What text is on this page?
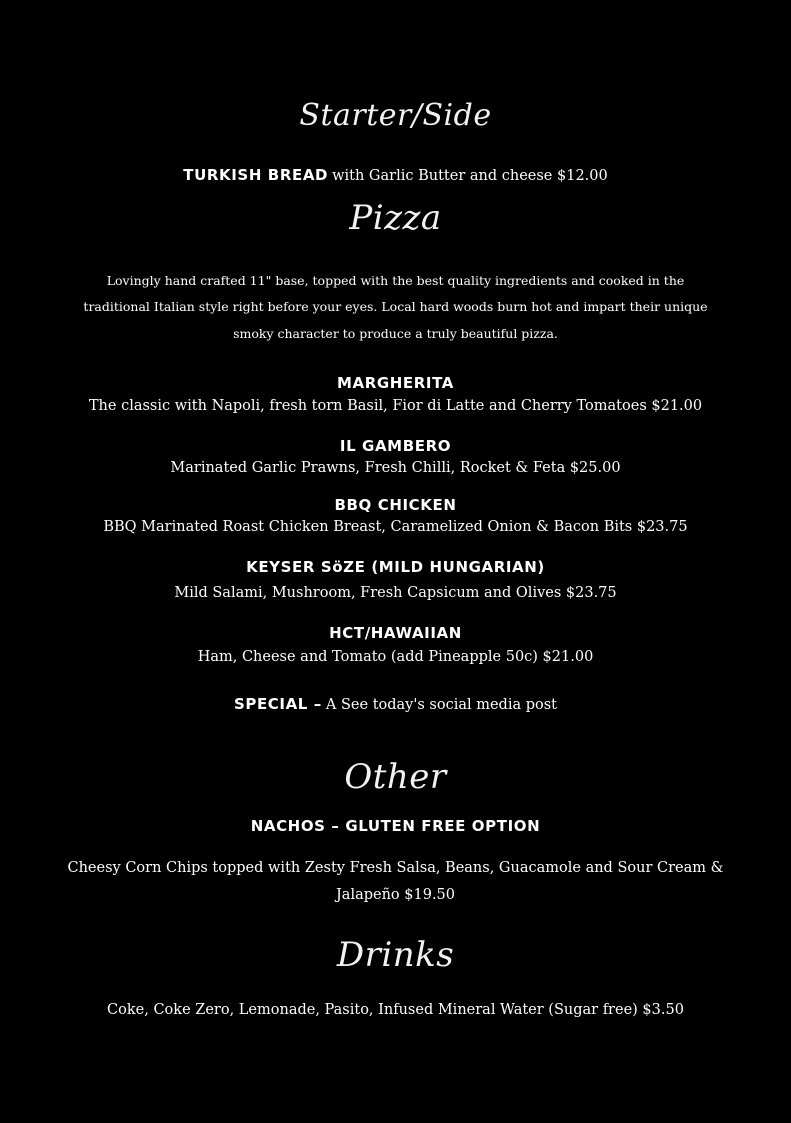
Starter/Side
TURKISH BREAD with Garlic Butter and cheese $12.00
Pizza
Lovingly hand crafted 11" base, topped with the best quality ingredients and cooked in the
traditional Italian style right before your eyes. Local hard woods burn hot and impart their unique
smoky character to produce a truly beautiful pizza.
MARGHERITA
The classic with Napoli, fresh torn Basil, Fior di Latte and Cherry Tomatoes $21.00
IL GAMBERO
Marinated Garlic Prawns, Fresh Chilli, Rocket & Feta $25.00
BBQ CHICKEN
BBQ Marinated Roast Chicken Breast, Caramelized Onion & Bacon Bits $23.75
KEYSER SöZE (MILD HUNGARIAN)
Mild Salami, Mushroom, Fresh Capsicum and Olives $23.75
HCT/HAWAIIAN
Ham, Cheese and Tomato (add Pineapple 50c) $21.00
SPECIAL – A See today's social media post
Other
NACHOS – GLUTEN FREE OPTION
Cheesy Corn Chips topped with Zesty Fresh Salsa, Beans, Guacamole and Sour Cream &
Jalapeño $19.50
Drinks
Coke, Coke Zero, Lemonade, Pasito, Infused Mineral Water (Sugar free) $3.50
